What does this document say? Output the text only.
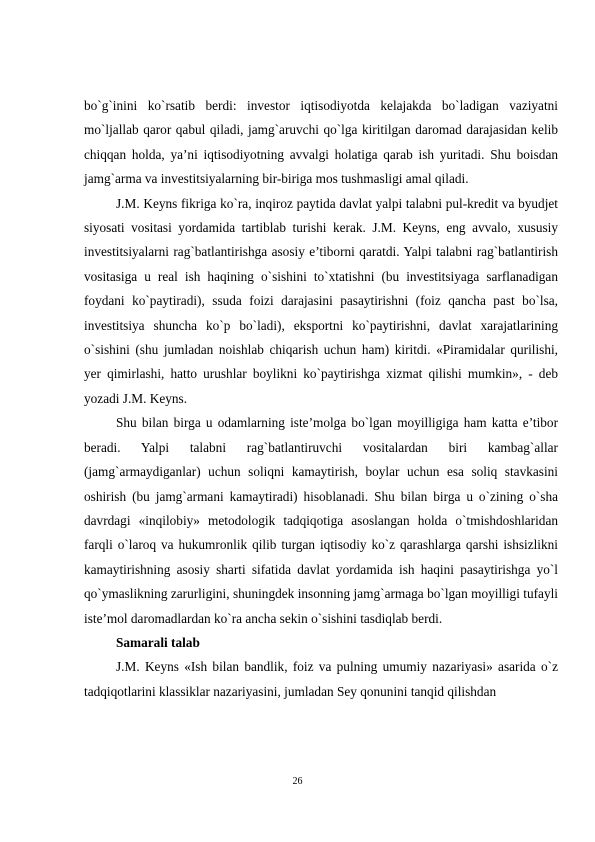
bo`g`inini ko`rsatib berdi: investor iqtisodiyotda kelajakda bo`ladigan vaziyatni mo`ljallab qaror qabul qiladi, jamg`aruvchi qo`lga kiritilgan daromad darajasidan kelib chiqqan holda, ya’ni iqtisodiyotning avvalgi holatiga qarab ish yuritadi. Shu boisdan jamg`arma va investitsiyalarning bir-biriga mos tushmasligi amal qiladi.

J.M. Keyns fikriga ko`ra, inqiroz paytida davlat yalpi talabni pul-kredit va byudjet siyosati vositasi yordamida tartiblab turishi kerak. J.M. Keyns, eng avvalo, xususiy investitsiyalarni rag`batlantirishga asosiy e’tiborni qaratdi. Yalpi talabni rag`batlantirish vositasiga u real ish haqining o`sishini to`xtatishni (bu investitsiyaga sarflanadigan foydani ko`paytiradi), ssuda foizi darajasini pasaytirishni (foiz qancha past bo`lsa, investitsiya shuncha ko`p bo`ladi), eksportni ko`paytirishni, davlat xarajatlarining o`sishini (shu jumladan noishlab chiqarish uchun ham) kiritdi. «Piramidalar qurilishi, yer qimirlashi, hatto urushlar boylikni ko`paytirishga xizmat qilishi mumkin», - deb yozadi J.M. Keyns.

Shu bilan birga u odamlarning iste’molga bo`lgan moyilligiga ham katta e’tibor beradi. Yalpi talabni rag`batlantiruvchi vositalardan biri kambag`allar (jamg`armaydiganlar) uchun soliqni kamaytirish, boylar uchun esa soliq stavkasini oshirish (bu jamg`armani kamaytiradi) hisoblanadi. Shu bilan birga u o`zining o`sha davrdagi «inqilobiy» metodologik tadqiqotiga asoslangan holda o`tmishdoshlaridan farqli o`laroq va hukumronlik qilib turgan iqtisodiy ko`z qarashlarga qarshi ishsizlikni kamaytirishning asosiy sharti sifatida davlat yordamida ish haqini pasaytirishga yo`l qo`ymaslikning zarurligini, shuningdek insonning jamg`armaga bo`lgan moyilligi tufayli iste’mol daromadlardan ko`ra ancha sekin o`sishini tasdiqlab berdi.

Samarali talab

J.M. Keyns «Ish bilan bandlik, foiz va pulning umumiy nazariyasi» asarida o`z tadqiqotlarini klassiklar nazariyasini, jumladan Sey qonunini tanqid qilishdan

26
